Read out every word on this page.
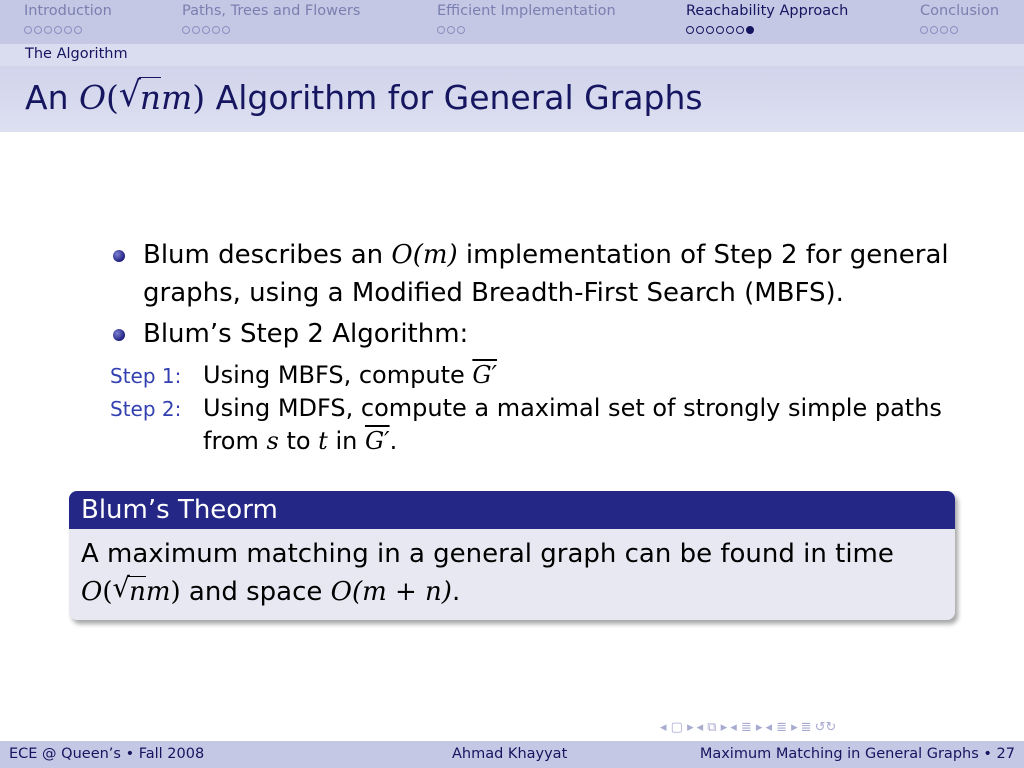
Introduction	Paths, Trees and Flowers	Efficient Implementation	Reachability Approach	Conclusion
The Algorithm
An O( √
nm) Algorithm for General Graphs
Blum describes an O(m) implementation of Step 2 for general graphs, using a Modified Breadth-First Search (MBFS).
Blum’s Step 2 Algorithm:
Step 1: Using MBFS, compute G′
Step 2: Using MDFS, compute a maximal set of strongly simple paths
from s to t in G′.
Blum’s Theorm
A maximum matching in a general graph can be found in time
O( √ nm) and space O(m + n).
◂ ▢ ▸ ◂ ⧉ ▸ ◂ ≣ ▸ ◂ ≣ ▸ ≣ ↺↻
ECE @ Queen’s • Fall 2008	Ahmad Khayyat	Maximum Matching in General Graphs • 27
